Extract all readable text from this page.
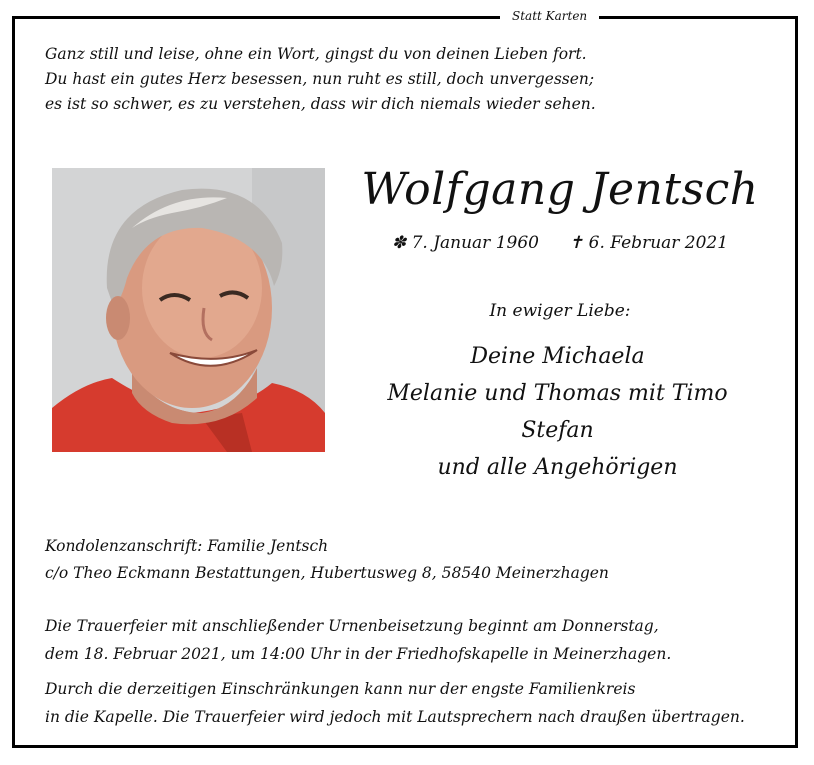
Statt Karten
Ganz still und leise, ohne ein Wort, gingst du von deinen Lieben fort.
Du hast ein gutes Herz besessen, nun ruht es still, doch unvergessen;
es ist so schwer, es zu verstehen, dass wir dich niemals wieder sehen.
Wolfgang Jentsch
✽ 7. Januar 1960 ✝ 6. Februar 2021
In ewiger Liebe:
Deine Michaela
Melanie und Thomas mit Timo
Stefan
und alle Angehörigen
Kondolenzanschrift: Familie Jentsch
c/o Theo Eckmann Bestattungen, Hubertusweg 8, 58540 Meinerzhagen
Die Trauerfeier mit anschließender Urnenbeisetzung beginnt am Donnerstag,
dem 18. Februar 2021, um 14:00 Uhr in der Friedhofskapelle in Meinerzhagen.
Durch die derzeitigen Einschränkungen kann nur der engste Familienkreis
in die Kapelle. Die Trauerfeier wird jedoch mit Lautsprechern nach draußen übertragen.
